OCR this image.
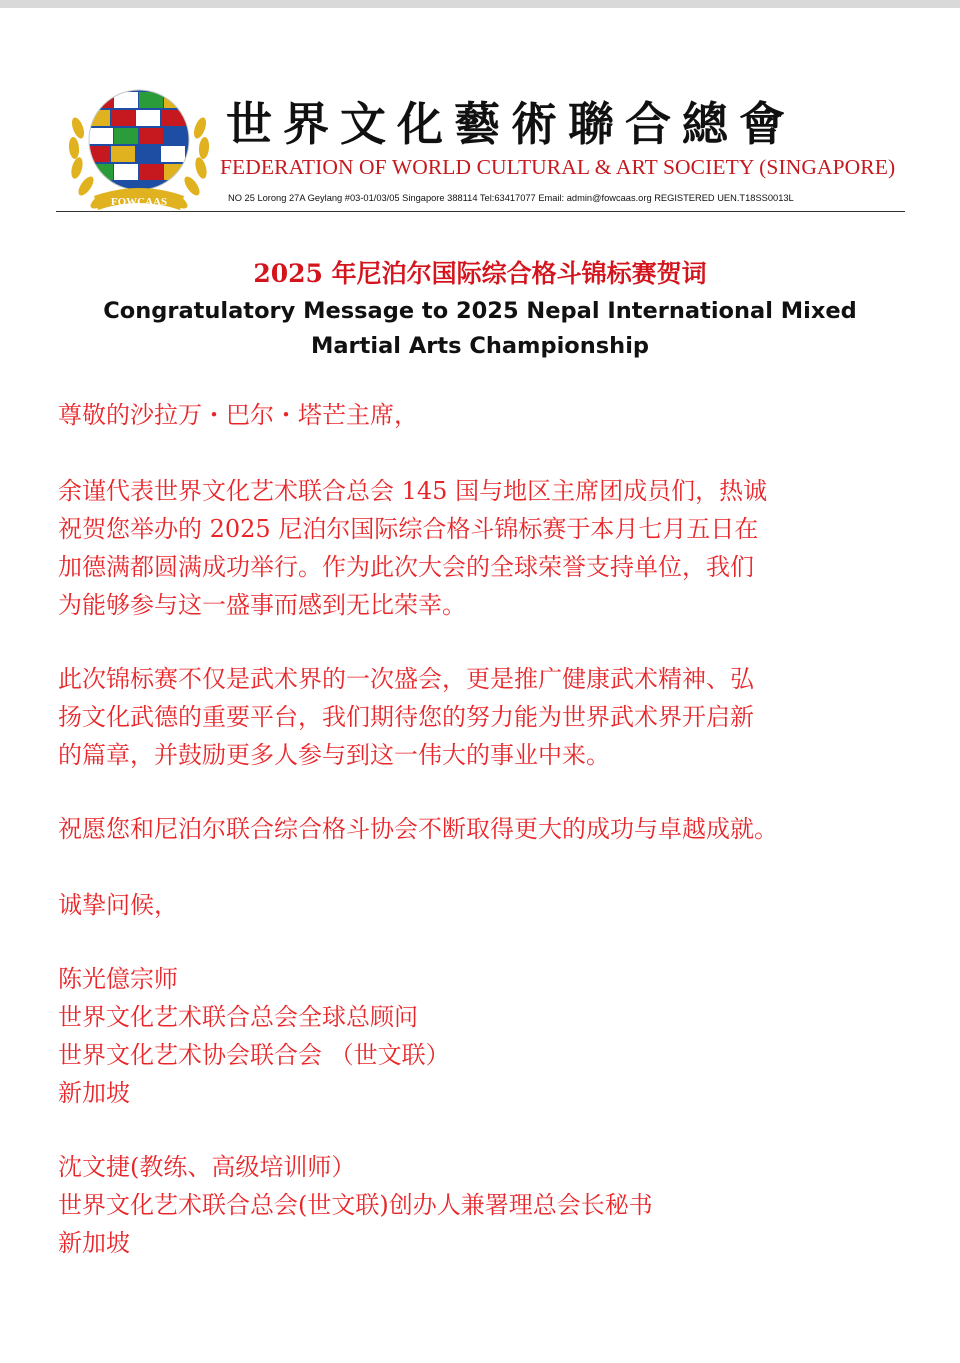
FOWCAAS
世界文化藝術聯合總會
FEDERATION OF WORLD CULTURAL & ART SOCIETY (SINGAPORE)
NO 25 Lorong 27A Geylang #03-01/03/05 Singapore 388114 Tel:63417077 Email: admin@fowcaas.org REGISTERED UEN.T18SS0013L
2025 年尼泊尔国际综合格斗锦标赛贺词
Congratulatory Message to 2025 Nepal International Mixed Martial Arts Championship
尊敬的沙拉万・巴尔・塔芒主席，
余谨代表世界文化艺术联合总会 145 国与地区主席团成员们，热诚
祝贺您举办的 2025 尼泊尔国际综合格斗锦标赛于本月七月五日在
加德满都圆满成功举行。作为此次大会的全球荣誉支持单位，我们
为能够参与这一盛事而感到无比荣幸。
此次锦标赛不仅是武术界的一次盛会，更是推广健康武术精神、弘
扬文化武德的重要平台，我们期待您的努力能为世界武术界开启新
的篇章，并鼓励更多人参与到这一伟大的事业中来。
祝愿您和尼泊尔联合综合格斗协会不断取得更大的成功与卓越成就。
诚挚问候，
陈光億宗师
世界文化艺术联合总会全球总顾问
世界文化艺术协会联合会 （世文联）
新加坡
沈文捷(教练、高级培训师）
世界文化艺术联合总会(世文联)创办人兼署理总会长秘书
新加坡
